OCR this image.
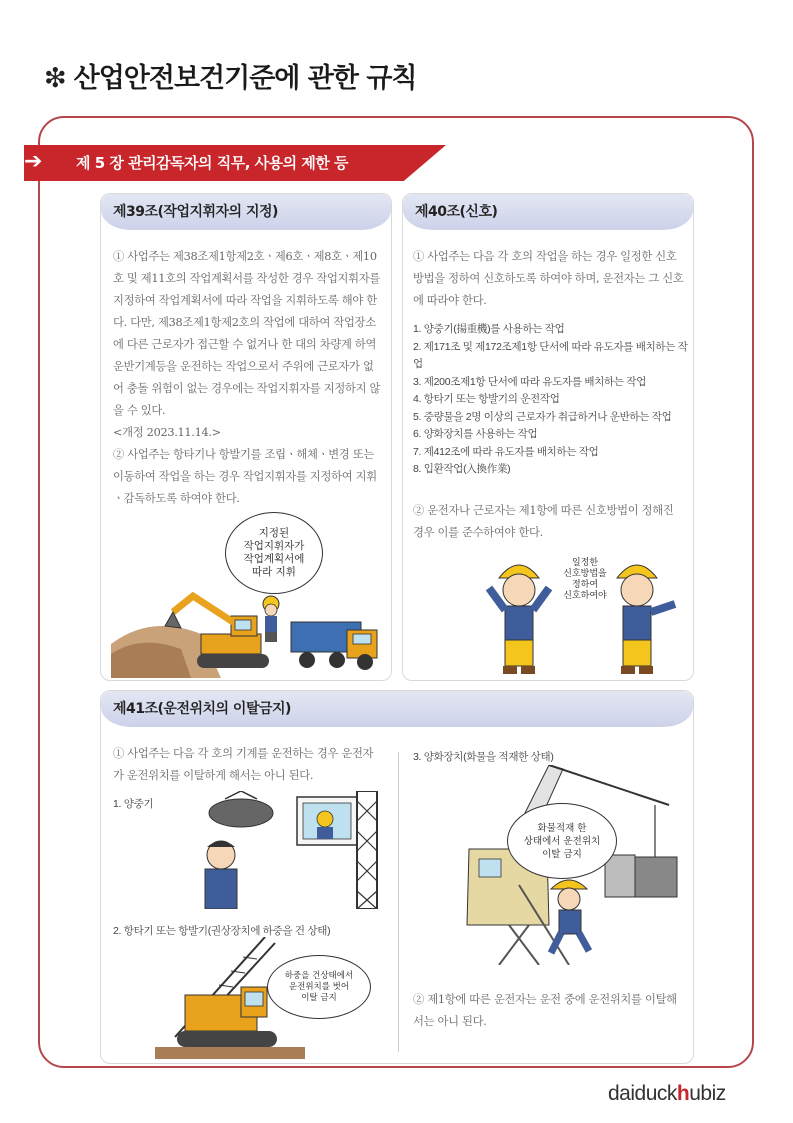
❇ 산업안전보건기준에 관한 규칙
➔ 제 5 장 관리감독자의 직무, 사용의 제한 등
제39조(작업지휘자의 지정)
① 사업주는 제38조제1항제2호ㆍ제6호ㆍ제8호ㆍ제10호 및 제11호의 작업계획서를 작성한 경우 작업지휘자를 지정하여 작업계획서에 따라 작업을 지휘하도록 해야 한다. 다만, 제38조제1항제2호의 작업에 대하여 작업장소에 다른 근로자가 접근할 수 없거나 한 대의 차량계 하역운반기계등을 운전하는 작업으로서 주위에 근로자가 없어 충돌 위험이 없는 경우에는 작업지휘자를 지정하지 않을 수 있다.
<개정 2023.11.14.>
② 사업주는 항타기나 항발기를 조립ㆍ해체ㆍ변경 또는 이동하여 작업을 하는 경우 작업지휘자를 지정하여 지휘ㆍ감독하도록 하여야 한다.
지정된
작업지휘자가
작업계획서에
따라 지휘
제40조(신호)
① 사업주는 다음 각 호의 작업을 하는 경우 일정한 신호방법을 정하여 신호하도록 하여야 하며, 운전자는 그 신호에 따라야 한다.
1. 양중기(揚重機)를 사용하는 작업
2. 제171조 및 제172조제1항 단서에 따라 유도자를 배치하는 작업
3. 제200조제1항 단서에 따라 유도자를 배치하는 작업
4. 항타기 또는 항발기의 운전작업
5. 중량물을 2명 이상의 근로자가 취급하거나 운반하는 작업
6. 양화장치를 사용하는 작업
7. 제412조에 따라 유도자를 배치하는 작업
8. 입환작업(入換作業)
② 운전자나 근로자는 제1항에 따른 신호방법이 정해진 경우 이를 준수하여야 한다.
일정한
신호방법을
정하여
신호하여야
제41조(운전위치의 이탈금지)
① 사업주는 다음 각 호의 기계를 운전하는 경우 운전자가 운전위치를 이탈하게 해서는 아니 된다.
1. 양중기
2. 항타기 또는 항발기(권상장치에 하중을 건 상태)
하중을 건상태에서
운전위치를 벗어
이탈 금지
3. 양화장치(화물을 적재한 상태)
화물적재 한
상태에서 운전위치
이탈 금지
② 제1항에 따른 운전자는 운전 중에 운전위치를 이탈해서는 아니 된다.
daiduckhubiz
